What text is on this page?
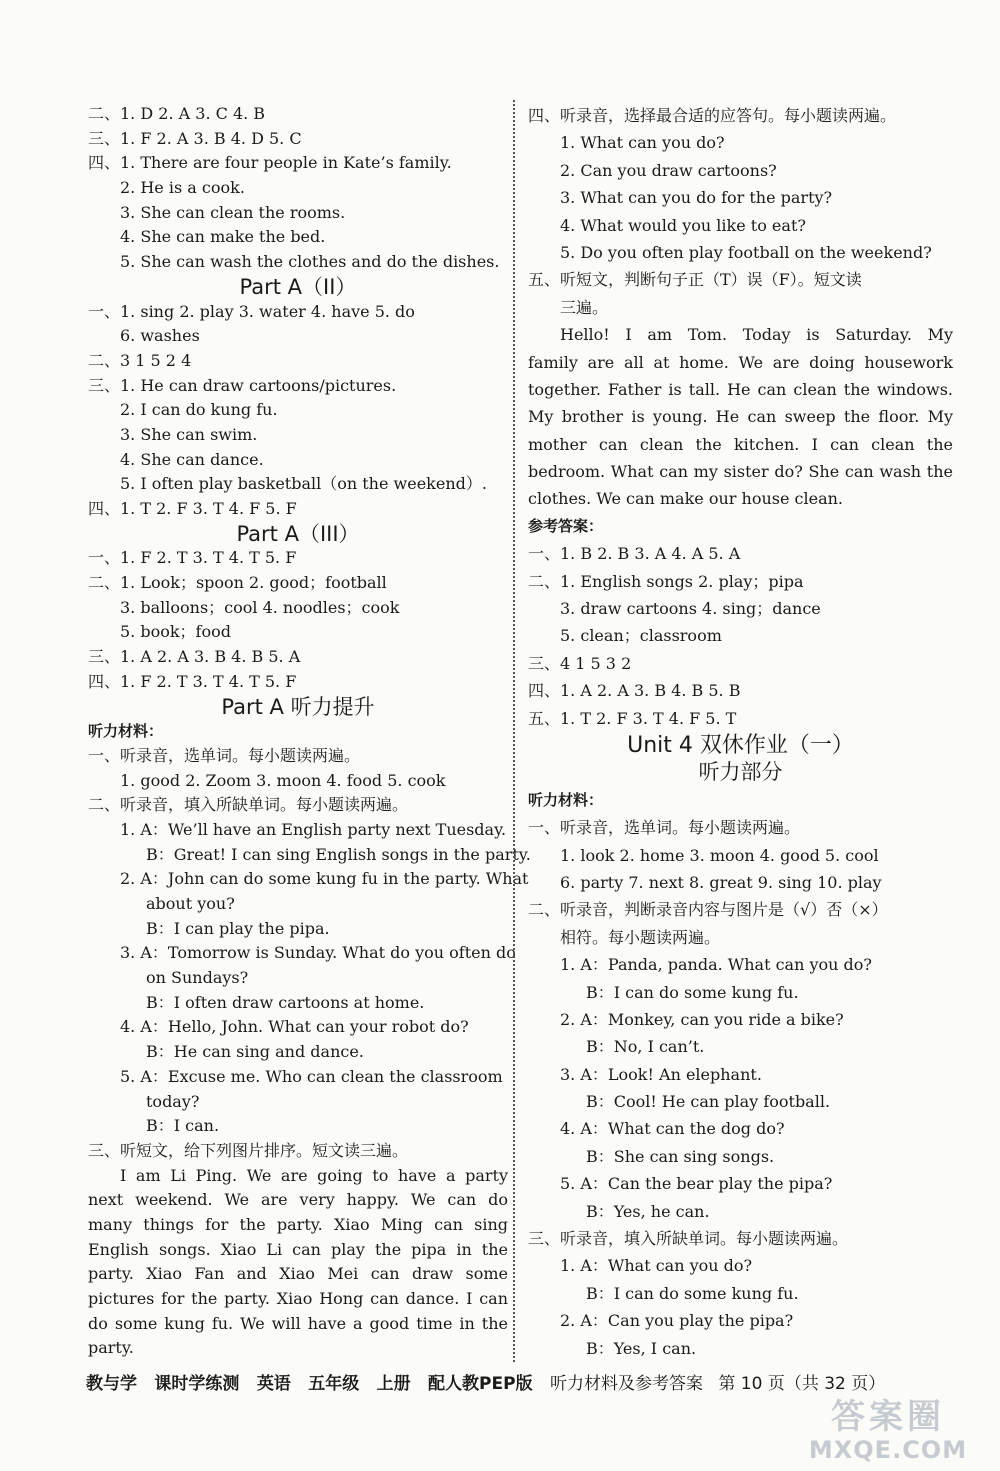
二、1. D 2. A 3. C 4. B
三、1. F 2. A 3. B 4. D 5. C
四、1. There are four people in Kate’s family.
2. He is a cook.
3. She can clean the rooms.
4. She can make the bed.
5. She can wash the clothes and do the dishes.
Part A（II）
一、1. sing 2. play 3. water 4. have 5. do
6. washes
二、3 1 5 2 4
三、1. He can draw cartoons/pictures.
2. I can do kung fu.
3. She can swim.
4. She can dance.
5. I often play basketball（on the weekend）.
四、1. T 2. F 3. T 4. F 5. F
Part A（III）
一、1. F 2. T 3. T 4. T 5. F
二、1. Look；spoon 2. good；football
3. balloons；cool 4. noodles；cook
5. book；food
三、1. A 2. A 3. B 4. B 5. A
四、1. F 2. T 3. T 4. T 5. F
Part A 听力提升
听力材料：
一、听录音，选单词。每小题读两遍。
1. good 2. Zoom 3. moon 4. food 5. cook
二、听录音，填入所缺单词。每小题读两遍。
1. A：We’ll have an English party next Tuesday.
B：Great! I can sing English songs in the party.
2. A：John can do some kung fu in the party. What
about you?
B：I can play the pipa.
3. A：Tomorrow is Sunday. What do you often do
on Sundays?
B：I often draw cartoons at home.
4. A：Hello, John. What can your robot do?
B：He can sing and dance.
5. A：Excuse me. Who can clean the classroom
today?
B：I can.
三、听短文，给下列图片排序。短文读三遍。
I am Li Ping. We are going to have a party
next weekend. We are very happy. We can do
many things for the party. Xiao Ming can sing
English songs. Xiao Li can play the pipa in the
party. Xiao Fan and Xiao Mei can draw some
pictures for the party. Xiao Hong can dance. I can
do some kung fu. We will have a good time in the
party.
四、听录音，选择最合适的应答句。每小题读两遍。
1. What can you do?
2. Can you draw cartoons?
3. What can you do for the party?
4. What would you like to eat?
5. Do you often play football on the weekend?
五、听短文，判断句子正（T）误（F）。短文读
三遍。
Hello! I am Tom. Today is Saturday. My
family are all at home. We are doing housework
together. Father is tall. He can clean the windows.
My brother is young. He can sweep the floor. My
mother can clean the kitchen. I can clean the
bedroom. What can my sister do? She can wash the
clothes. We can make our house clean.
参考答案：
一、1. B 2. B 3. A 4. A 5. A
二、1. English songs 2. play；pipa
3. draw cartoons 4. sing；dance
5. clean；classroom
三、4 1 5 3 2
四、1. A 2. A 3. B 4. B 5. B
五、1. T 2. F 3. T 4. F 5. T
Unit 4 双休作业（一）
听力部分
听力材料：
一、听录音，选单词。每小题读两遍。
1. look 2. home 3. moon 4. good 5. cool
6. party 7. next 8. great 9. sing 10. play
二、听录音，判断录音内容与图片是（√）否（×）
相符。每小题读两遍。
1. A：Panda, panda. What can you do?
B：I can do some kung fu.
2. A：Monkey, can you ride a bike?
B：No, I can’t.
3. A：Look! An elephant.
B：Cool! He can play football.
4. A：What can the dog do?
B：She can sing songs.
5. A：Can the bear play the pipa?
B：Yes, he can.
三、听录音，填入所缺单词。每小题读两遍。
1. A：What can you do?
B：I can do some kung fu.
2. A：Can you play the pipa?
B：Yes, I can.
教与学 课时学练测 英语 五年级 上册 配人教PEP版 听力材料及参考答案 第 10 页（共 32 页）
答案圈
MXQE.COM
